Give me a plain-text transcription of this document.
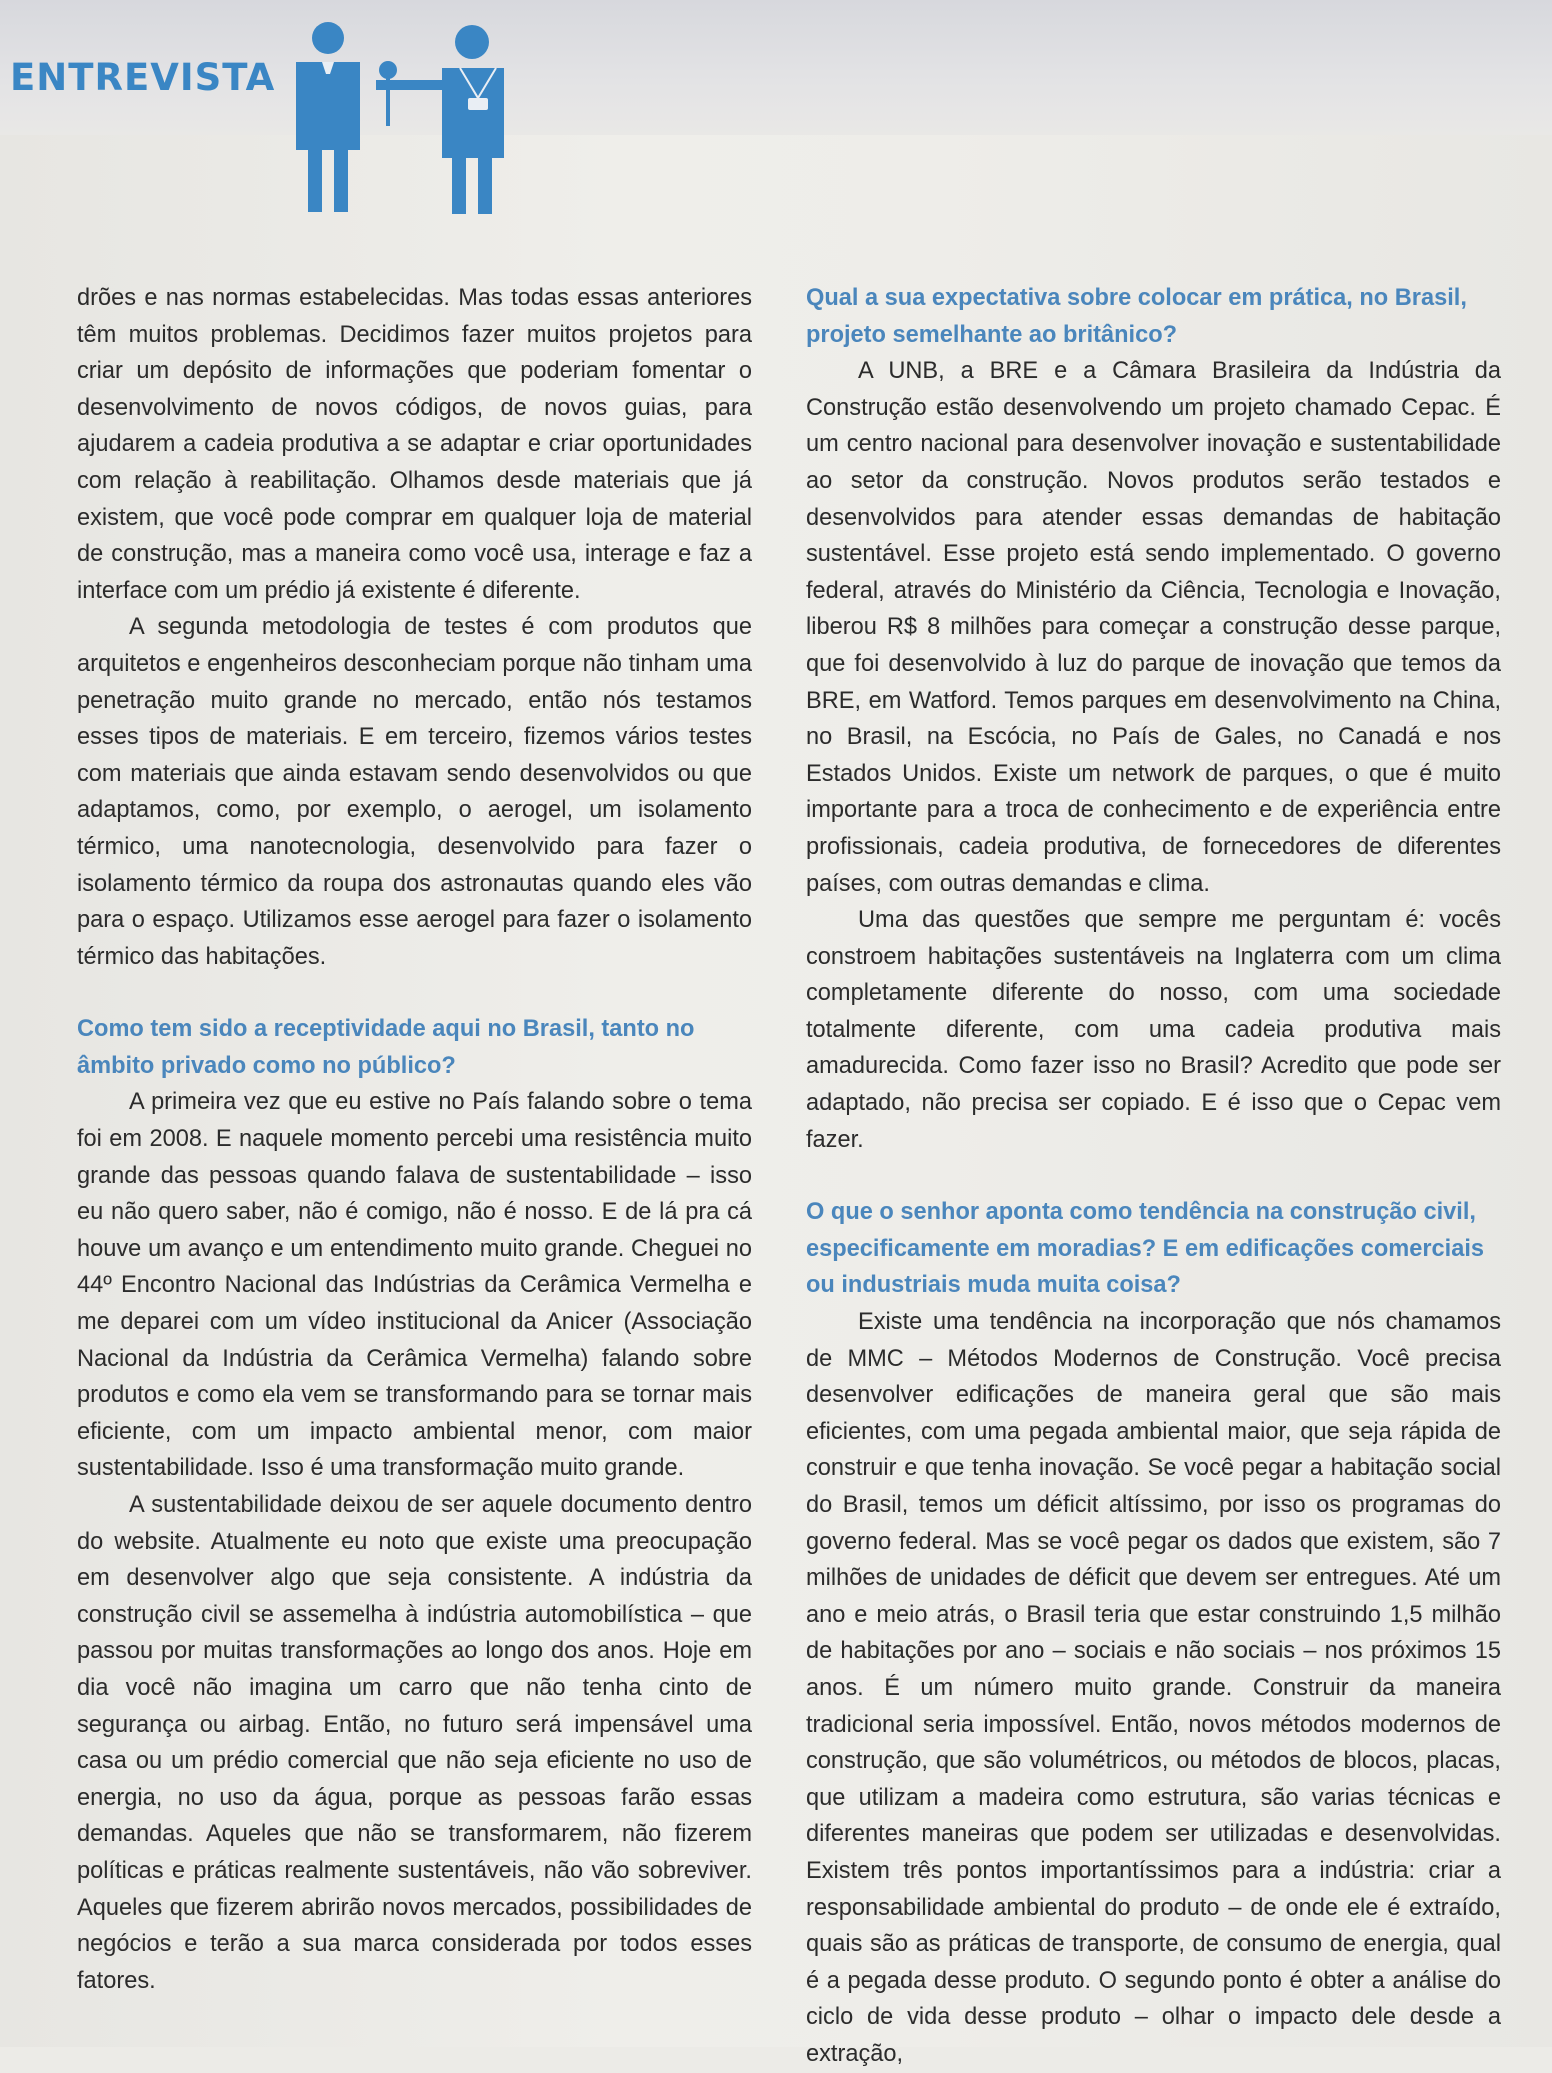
ENTREVISTA

drões e nas normas estabelecidas. Mas todas essas anteriores têm muitos problemas. Decidimos fazer muitos projetos para criar um depósito de informações que poderiam fomentar o desenvolvimento de novos códigos, de novos guias, para ajudarem a cadeia produtiva a se adaptar e criar oportunidades com relação à reabilitação. Olhamos desde materiais que já existem, que você pode comprar em qualquer loja de material de construção, mas a maneira como você usa, interage e faz a interface com um prédio já existente é diferente.

A segunda metodologia de testes é com produtos que arquitetos e engenheiros desconheciam porque não tinham uma penetração muito grande no mercado, então nós testamos esses tipos de materiais. E em terceiro, fizemos vários testes com materiais que ainda estavam sendo desenvolvidos ou que adaptamos, como, por exemplo, o aerogel, um isolamento térmico, uma nanotecnologia, desenvolvido para fazer o isolamento térmico da roupa dos astronautas quando eles vão para o espaço. Utilizamos esse aerogel para fazer o isolamento térmico das habitações.

Como tem sido a receptividade aqui no Brasil, tanto no âmbito privado como no público?

A primeira vez que eu estive no País falando sobre o tema foi em 2008. E naquele momento percebi uma resistência muito grande das pessoas quando falava de sustentabilidade – isso eu não quero saber, não é comigo, não é nosso. E de lá pra cá houve um avanço e um entendimento muito grande. Cheguei no 44º Encontro Nacional das Indústrias da Cerâmica Vermelha e me deparei com um vídeo institucional da Anicer (Associação Nacional da Indústria da Cerâmica Vermelha) falando sobre produtos e como ela vem se transformando para se tornar mais eficiente, com um impacto ambiental menor, com maior sustentabilidade. Isso é uma transformação muito grande.

A sustentabilidade deixou de ser aquele documento dentro do website. Atualmente eu noto que existe uma preocupação em desenvolver algo que seja consistente. A indústria da construção civil se assemelha à indústria automobilística – que passou por muitas transformações ao longo dos anos. Hoje em dia você não imagina um carro que não tenha cinto de segurança ou airbag. Então, no futuro será impensável uma casa ou um prédio comercial que não seja eficiente no uso de energia, no uso da água, porque as pessoas farão essas demandas. Aqueles que não se transformarem, não fizerem políticas e práticas realmente sustentáveis, não vão sobreviver. Aqueles que fizerem abrirão novos mercados, possibilidades de negócios e terão a sua marca considerada por todos esses fatores.

Qual a sua expectativa sobre colocar em prática, no Brasil, projeto semelhante ao britânico?

A UNB, a BRE e a Câmara Brasileira da Indústria da Construção estão desenvolvendo um projeto chamado Cepac. É um centro nacional para desenvolver inovação e sustentabilidade ao setor da construção. Novos produtos serão testados e desenvolvidos para atender essas demandas de habitação sustentável. Esse projeto está sendo implementado. O governo federal, através do Ministério da Ciência, Tecnologia e Inovação, liberou R$ 8 milhões para começar a construção desse parque, que foi desenvolvido à luz do parque de inovação que temos da BRE, em Watford. Temos parques em desenvolvimento na China, no Brasil, na Escócia, no País de Gales, no Canadá e nos Estados Unidos. Existe um network de parques, o que é muito importante para a troca de conhecimento e de experiência entre profissionais, cadeia produtiva, de fornecedores de diferentes países, com outras demandas e clima.

Uma das questões que sempre me perguntam é: vocês constroem habitações sustentáveis na Inglaterra com um clima completamente diferente do nosso, com uma sociedade totalmente diferente, com uma cadeia produtiva mais amadurecida. Como fazer isso no Brasil? Acredito que pode ser adaptado, não precisa ser copiado. E é isso que o Cepac vem fazer.

O que o senhor aponta como tendência na construção civil, especificamente em moradias? E em edificações comerciais ou industriais muda muita coisa?

Existe uma tendência na incorporação que nós chamamos de MMC – Métodos Modernos de Construção. Você precisa desenvolver edificações de maneira geral que são mais eficientes, com uma pegada ambiental maior, que seja rápida de construir e que tenha inovação. Se você pegar a habitação social do Brasil, temos um déficit altíssimo, por isso os programas do governo federal. Mas se você pegar os dados que existem, são 7 milhões de unidades de déficit que devem ser entregues. Até um ano e meio atrás, o Brasil teria que estar construindo 1,5 milhão de habitações por ano – sociais e não sociais – nos próximos 15 anos. É um número muito grande. Construir da maneira tradicional seria impossível. Então, novos métodos modernos de construção, que são volumétricos, ou métodos de blocos, placas, que utilizam a madeira como estrutura, são varias técnicas e diferentes maneiras que podem ser utilizadas e desenvolvidas. Existem três pontos importantíssimos para a indústria: criar a responsabilidade ambiental do produto – de onde ele é extraído, quais são as práticas de transporte, de consumo de energia, qual é a pegada desse produto. O segundo ponto é obter a análise do ciclo de vida desse produto – olhar o impacto dele desde a extração,
